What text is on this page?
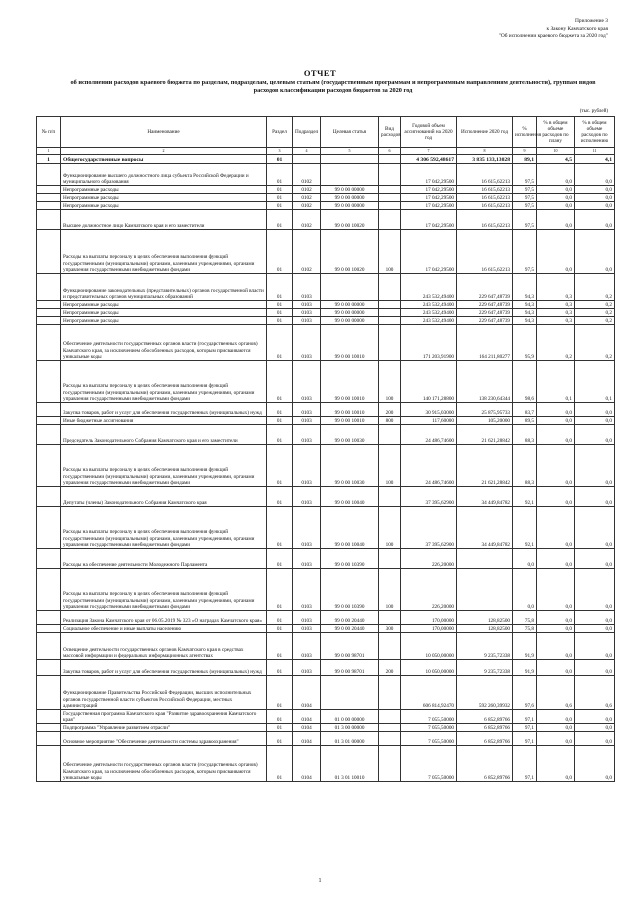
Приложение 3
к Закону Камчатского края
"Об исполнении краевого бюджета за 2020 год"
ОТЧЕТ
об исполнении расходов краевого бюджета по разделам, подразделам, целевым статьям (государственным программам и непрограммным направлениям деятельности), группам видов расходов классификации расходов бюджетов за 2020 год
(тыс. рублей)
№ п/п	Наименование	Раздел	Подраздел	Целевая статья	Вид расходов	Годовой объем ассигнований на 2020 год	Исполнение 2020 год	% исполнения	% в общем объеме расходов по плану	% в общем объеме расходов по исполнению
1	2	3	4	5	6	7	8	9	10	11
1	Общегосударственные вопросы	01				4 306 592,48617	3 835 133,13028	89,1	4,5	4,1
	Функционирование высшего должностного лица субъекта Российской Федерации и муниципального образования	01	0102			17 042,29500	16 615,62213	97,5	0,0	0,0
	Непрограммные расходы	01	0102	99 0 00 00000		17 042,29500	16 615,62213	97,5	0,0	0,0
	Непрограммные расходы	01	0102	99 0 00 00000		17 042,29500	16 615,62213	97,5	0,0	0,0
	Непрограммные расходы	01	0102	99 0 00 00000		17 042,29500	16 615,62213	97,5	0,0	0,0
	Высшее должностное лицо Камчатского края и его заместители	01	0102	99 0 00 10020		17 042,29500	16 615,62213	97,5	0,0	0,0
	Расходы на выплаты персоналу в целях обеспечения выполнения функций государственными (муниципальными) органами, казенными учреждениями, органами управления государственными внебюджетными фондами	01	0102	99 0 00 10020	100	17 042,29500	16 615,62213	97,5	0,0	0,0
	Функционирование законодательных (представительных) органов государственной власти и представительных органов муниципальных образований	01	0103			243 532,49400	229 647,48739	94,3	0,3	0,2
	Непрограммные расходы	01	0103	99 0 00 00000		243 532,49400	229 647,48739	94,3	0,3	0,2
	Непрограммные расходы	01	0103	99 0 00 00000		243 532,49400	229 647,48739	94,3	0,3	0,2
	Непрограммные расходы	01	0103	99 0 00 00000		243 532,49400	229 647,48739	94,3	0,3	0,2
	Обеспечение деятельности государственных органов власти (государственных органов) Камчатского края, за исключением обособленных расходов, которым присваиваются уникальные коды	01	0103	99 0 00 10010		171 203,91900	164 211,80277	95,9	0,2	0,2
	Расходы на выплаты персоналу в целях обеспечения выполнения функций государственными (муниципальными) органами, казенными учреждениями, органами управления государственными внебюджетными фондами	01	0103	99 0 00 10010	100	140 171,28800	138 230,64344	98,6	0,1	0,1
	Закупка товаров, работ и услуг для обеспечения государственных (муниципальных) нужд	01	0103	99 0 00 10010	200	30 915,03000	25 875,95733	83,7	0,0	0,0
	Иные бюджетные ассигнования	01	0103	99 0 00 10010	800	117,60000	105,20000	89,5	0,0	0,0
	Председатель Законодательного Собрания Камчатского края и его заместители	01	0103	99 0 00 10030		24 486,74600	21 621,28842	88,3	0,0	0,0
	Расходы на выплаты персоналу в целях обеспечения выполнения функций государственными (муниципальными) органами, казенными учреждениями, органами управления государственными внебюджетными фондами	01	0103	99 0 00 10030	100	24 486,74600	21 621,28842	88,3	0,0	0,0
	Депутаты (члены) Законодательного Собрания Камчатского края	01	0103	99 0 00 10040		37 395,62900	34 449,84782	92,1	0,0	0,0
	Расходы на выплаты персоналу в целях обеспечения выполнения функций государственными (муниципальными) органами, казенными учреждениями, органами управления государственными внебюджетными фондами	01	0103	99 0 00 10040	100	37 395,62900	34 449,84782	92,1	0,0	0,0
	Расходы на обеспечение деятельности Молодежного Парламента	01	0103	99 0 00 10390		226,20000		0,0	0,0	0,0
	Расходы на выплаты персоналу в целях обеспечения выполнения функций государственными (муниципальными) органами, казенными учреждениями, органами управления государственными внебюджетными фондами	01	0103	99 0 00 10390	100	226,20000		0,0	0,0	0,0
	Реализация Закона Камчатского края от 06.05.2019 № 323 «О наградах Камчатского края»	01	0103	99 0 00 20440		170,00000	128,82500	75,8	0,0	0,0
	Социальное обеспечение и иные выплаты населению	01	0103	99 0 00 20440	300	170,00000	128,82500	75,8	0,0	0,0
	Освещение деятельности государственных органов Камчатского края в средствах массовой информации и федеральных информационных агентствах	01	0103	99 0 00 98701		10 050,00000	9 235,72338	91,9	0,0	0,0
	Закупка товаров, работ и услуг для обеспечения государственных (муниципальных) нужд	01	0103	99 0 00 98701	200	10 050,00000	9 235,72338	91,9	0,0	0,0
	Функционирование Правительства Российской Федерации, высших исполнительных органов государственной власти субъектов Российской Федерации, местных администраций	01	0104			606 814,92470	592 260,39932	97,6	0,6	0,6
	Государственная программа Камчатского края "Развитие здравоохранения Камчатского края"	01	0104	01 0 00 00000		7 055,50000	6 852,89766	97,1	0,0	0,0
	Подпрограмма "Управление развитием отрасли"	01	0104	01 3 00 00000		7 055,50000	6 852,89766	97,1	0,0	0,0
	Основное мероприятие "Обеспечение деятельности системы здравоохранения"	01	0104	01 3 01 00000		7 055,50000	6 852,89766	97,1	0,0	0,0
	Обеспечение деятельности государственных органов власти (государственных органов) Камчатского края, за исключением обособленных расходов, которым присваиваются уникальные коды	01	0104	01 3 01 10010		7 055,50000	6 852,89766	97,1	0,0	0,0
1
